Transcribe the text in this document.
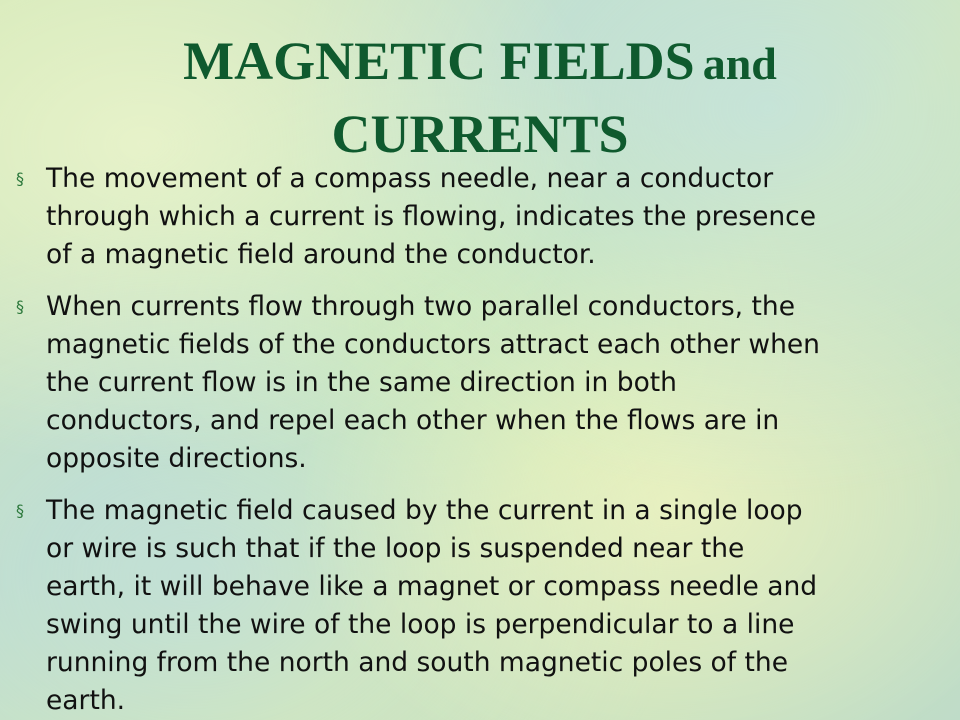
MAGNETIC FIELDS and
CURRENTS
§ The movement of a compass needle, near a conductor
through which a current is flowing, indicates the presence
of a magnetic field around the conductor.
§ When currents flow through two parallel conductors, the
magnetic fields of the conductors attract each other when
the current flow is in the same direction in both
conductors, and repel each other when the flows are in
opposite directions.
§ The magnetic field caused by the current in a single loop
or wire is such that if the loop is suspended near the
earth, it will behave like a magnet or compass needle and
swing until the wire of the loop is perpendicular to a line
running from the north and south magnetic poles of the
earth.
